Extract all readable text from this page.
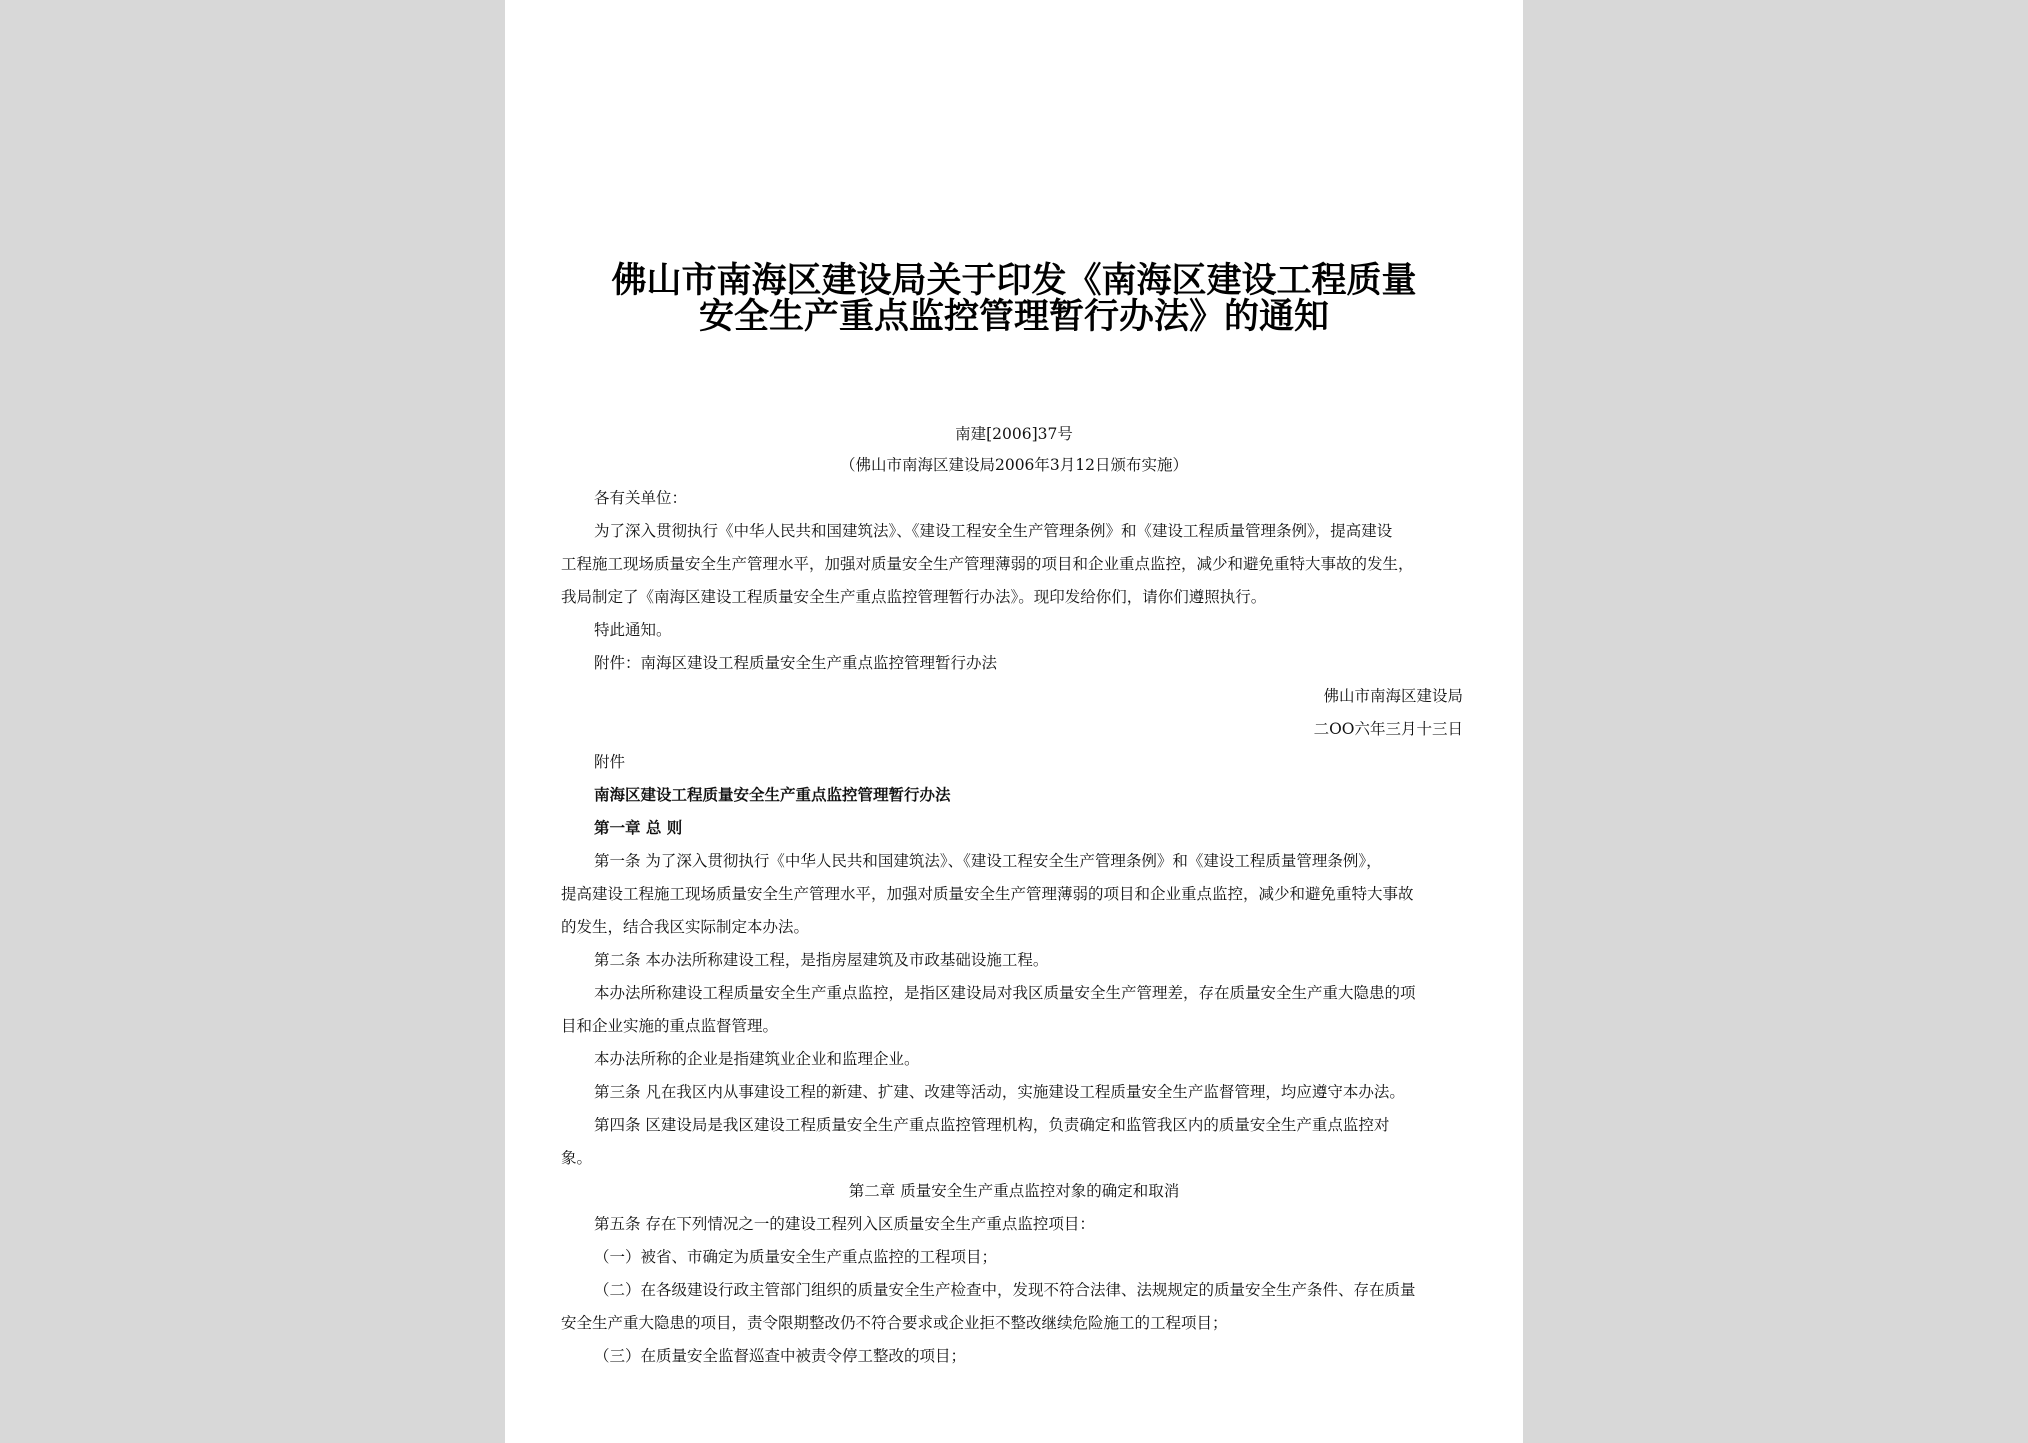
佛山市南海区建设局关于印发《南海区建设工程质量
安全生产重点监控管理暂行办法》的通知
南建[2006]37号
（佛山市南海区建设局2006年3月12日颁布实施）
各有关单位：
为了深入贯彻执行《中华人民共和国建筑法》、《建设工程安全生产管理条例》和《建设工程质量管理条例》，提高建设
工程施工现场质量安全生产管理水平，加强对质量安全生产管理薄弱的项目和企业重点监控，减少和避免重特大事故的发生，
我局制定了《南海区建设工程质量安全生产重点监控管理暂行办法》。现印发给你们，请你们遵照执行。
特此通知。
附件：南海区建设工程质量安全生产重点监控管理暂行办法
佛山市南海区建设局
二OO六年三月十三日
附件
南海区建设工程质量安全生产重点监控管理暂行办法
第一章 总 则
第一条 为了深入贯彻执行《中华人民共和国建筑法》、《建设工程安全生产管理条例》和《建设工程质量管理条例》，
提高建设工程施工现场质量安全生产管理水平，加强对质量安全生产管理薄弱的项目和企业重点监控，减少和避免重特大事故
的发生，结合我区实际制定本办法。
第二条 本办法所称建设工程，是指房屋建筑及市政基础设施工程。
本办法所称建设工程质量安全生产重点监控，是指区建设局对我区质量安全生产管理差，存在质量安全生产重大隐患的项
目和企业实施的重点监督管理。
本办法所称的企业是指建筑业企业和监理企业。
第三条 凡在我区内从事建设工程的新建、扩建、改建等活动，实施建设工程质量安全生产监督管理，均应遵守本办法。
第四条 区建设局是我区建设工程质量安全生产重点监控管理机构，负责确定和监管我区内的质量安全生产重点监控对
象。
第二章 质量安全生产重点监控对象的确定和取消
第五条 存在下列情况之一的建设工程列入区质量安全生产重点监控项目：
（一）被省、市确定为质量安全生产重点监控的工程项目；
（二）在各级建设行政主管部门组织的质量安全生产检查中，发现不符合法律、法规规定的质量安全生产条件、存在质量
安全生产重大隐患的项目，责令限期整改仍不符合要求或企业拒不整改继续危险施工的工程项目；
（三）在质量安全监督巡查中被责令停工整改的项目；
